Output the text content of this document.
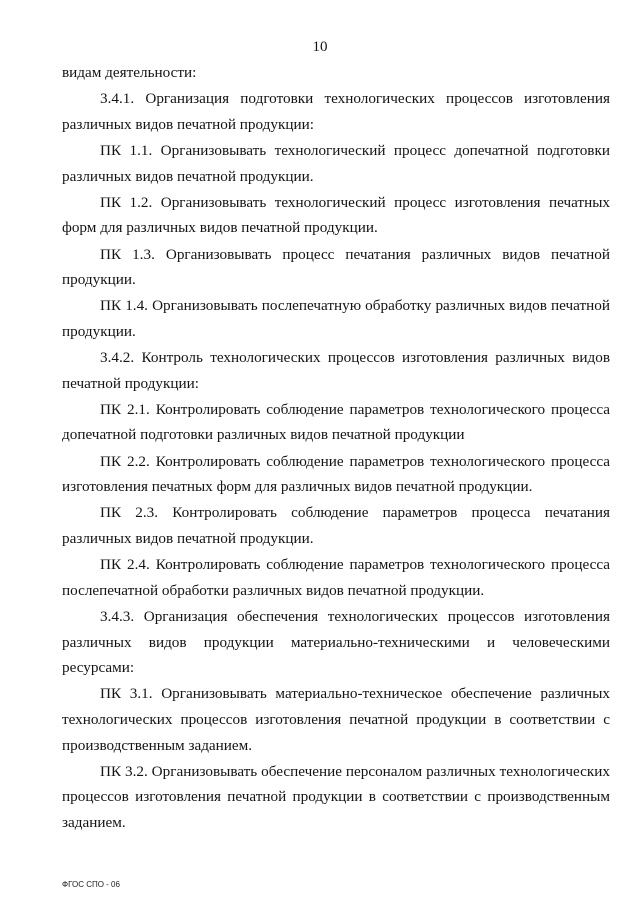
10

видам деятельности:

3.4.1. Организация подготовки технологических процессов изготовления различных видов печатной продукции:

ПК 1.1. Организовывать технологический процесс допечатной подготовки различных видов печатной продукции.

ПК 1.2. Организовывать технологический процесс изготовления печатных форм для различных видов печатной продукции.

ПК 1.3. Организовывать процесс печатания различных видов печатной продукции.

ПК 1.4. Организовывать послепечатную обработку различных видов печатной продукции.

3.4.2. Контроль технологических процессов изготовления различных видов печатной продукции:

ПК 2.1. Контролировать соблюдение параметров технологического процесса допечатной подготовки различных видов печатной продукции

ПК 2.2. Контролировать соблюдение параметров технологического процесса изготовления печатных форм для различных видов печатной продукции.

ПК 2.3. Контролировать соблюдение параметров процесса печатания различных видов печатной продукции.

ПК 2.4. Контролировать соблюдение параметров технологического процесса послепечатной обработки различных видов печатной продукции.

3.4.3. Организация обеспечения технологических процессов изготовления различных видов продукции материально-техническими и человеческими ресурсами:

ПК 3.1. Организовывать материально-техническое обеспечение различных технологических процессов изготовления печатной продукции в соответствии с производственным заданием.

ПК 3.2. Организовывать обеспечение персоналом различных технологических процессов изготовления печатной продукции в соответствии с производственным заданием.

ФГОС СПО - 06
